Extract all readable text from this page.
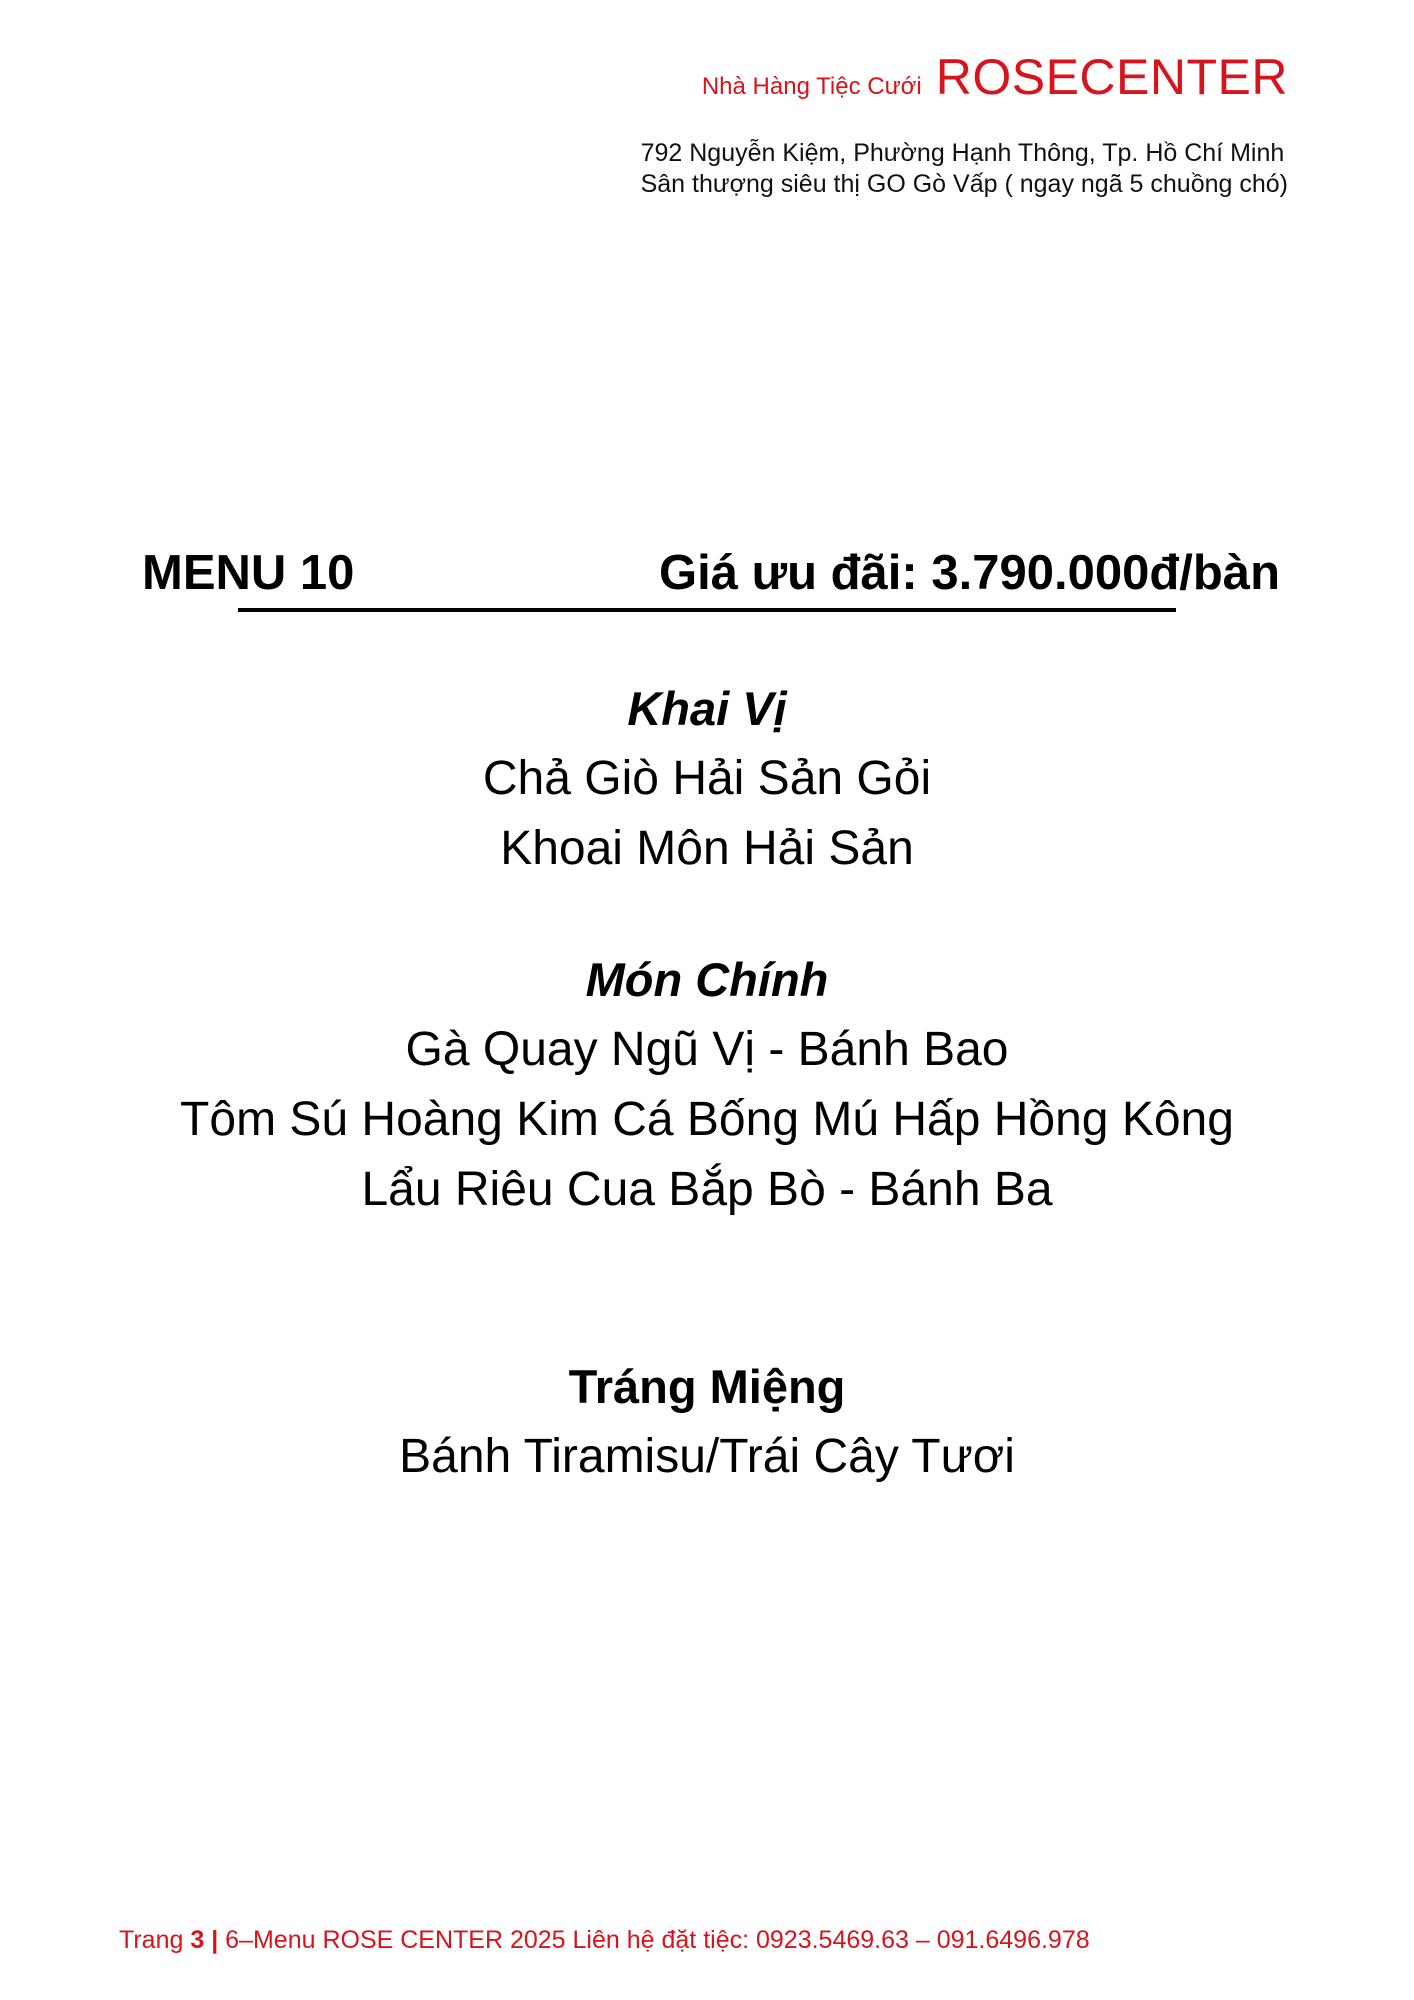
Nhà Hàng Tiệc Cưới ROSECENTER
792 Nguyễn Kiệm, Phường Hạnh Thông, Tp. Hồ Chí Minh
Sân thượng siêu thị GO Gò Vấp ( ngay ngã 5 chuồng chó)
MENU 10	Giá ưu đãi: 3.790.000đ/bàn
Khai Vị
Chả Giò Hải Sản Gỏi
Khoai Môn Hải Sản
Món Chính
Gà Quay Ngũ Vị - Bánh Bao
Tôm Sú Hoàng Kim Cá Bống Mú Hấp Hồng Kông
Lẩu Riêu Cua Bắp Bò - Bánh Ba
Tráng Miệng
Bánh Tiramisu/Trái Cây Tươi
Trang 3 | 6–Menu ROSE CENTER 2025 Liên hệ đặt tiệc: 0923.5469.63 – 091.6496.978
